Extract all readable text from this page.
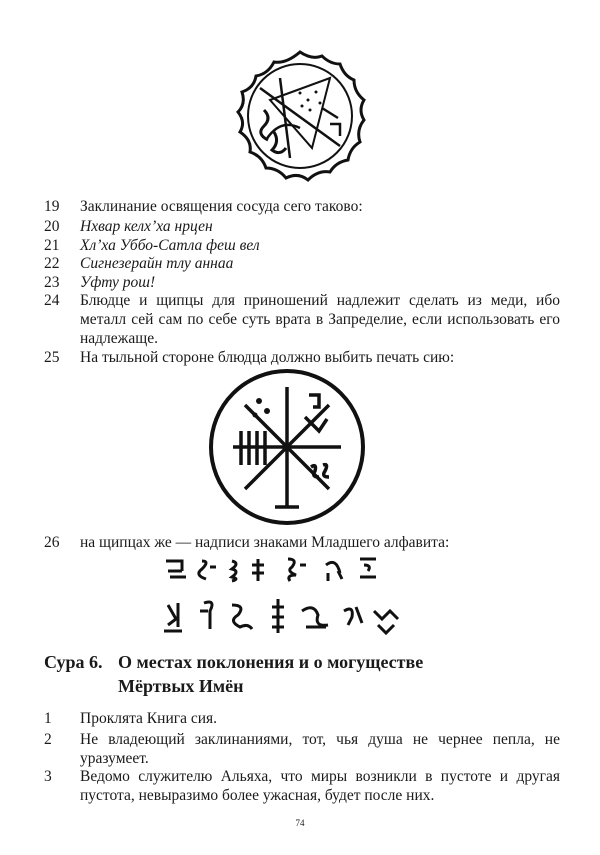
19 Заклинание освящения сосуда сего таково:
20 Нхвар келх’ха нрцен
21 Хл’ха Уббо-Сатла феш вел
22 Сигнезерайн тлу аннаа
23 Уфту рош!
24 Блюдце и щипцы для приношений надлежит сделать из меди, ибо металл сей сам по себе суть врата в Запределие, если использовать его надлежаще.
25 На тыльной стороне блюдца должно выбить печать сию:
26 на щипцах же — надписи знаками Младшего алфавита:
Сура 6. О местах поклонения и о могуществе
Мёртвых Имён
1 Проклята Книга сия.
2 Не владеющий заклинаниями, тот, чья душа не чернее пепла, не уразумеет.
3 Ведомо служителю Альяха, что миры возникли в пустоте и другая пустота, невыразимо более ужасная, будет после них.
74
